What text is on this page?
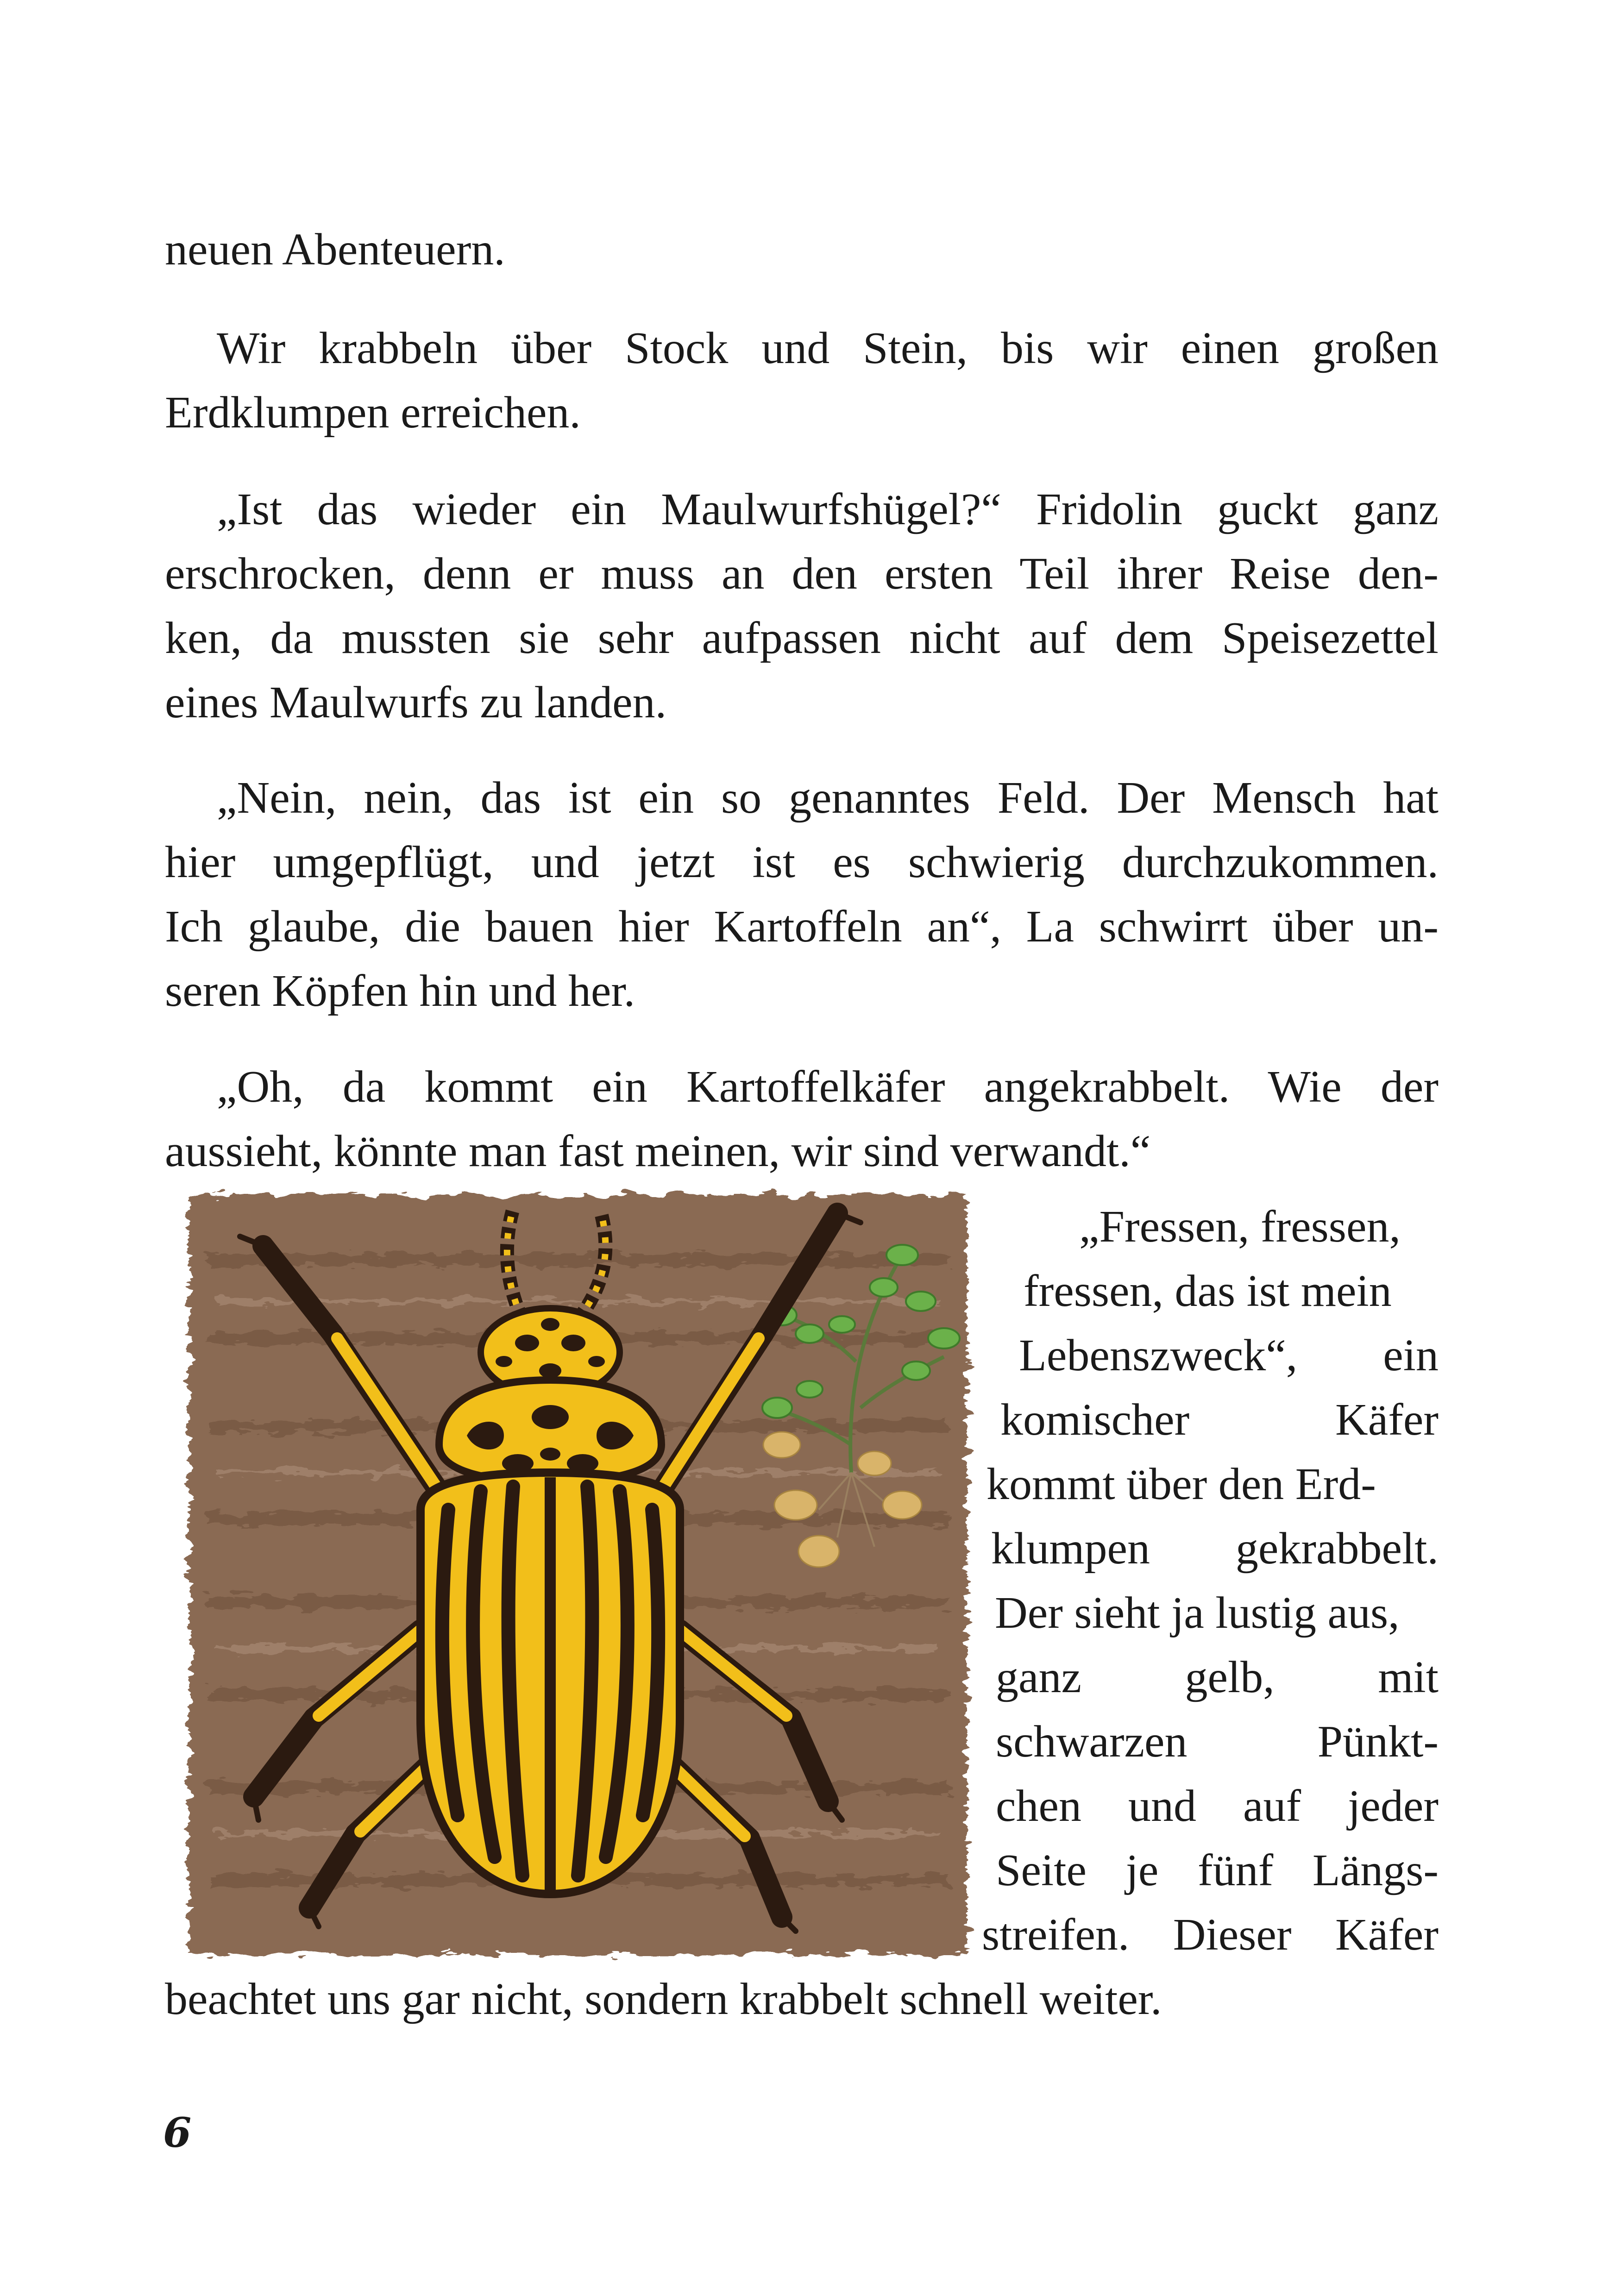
neuen Abenteuern.
Wir krabbeln über Stock und Stein, bis wir einen großen
Erdklumpen erreichen.
„Ist das wieder ein Maulwurfshügel?“ Fridolin guckt ganz
erschrocken, denn er muss an den ersten Teil ihrer Reise den-
ken, da mussten sie sehr aufpassen nicht auf dem Speisezettel
eines Maulwurfs zu landen.
„Nein, nein, das ist ein so genanntes Feld. Der Mensch hat
hier umgepflügt, und jetzt ist es schwierig durchzukommen.
Ich glaube, die bauen hier Kartoffeln an“, La schwirrt über un-
seren Köpfen hin und her.
„Oh, da kommt ein Kartoffelkäfer angekrabbelt. Wie der
aussieht, könnte man fast meinen, wir sind verwandt.“
„Fressen, fressen,
fressen, das ist mein
Lebenszweck“, ein
komischer Käfer
kommt über den Erd-
klumpen gekrabbelt.
Der sieht ja lustig aus,
ganz gelb, mit
schwarzen Pünkt-
chen und auf jeder
Seite je fünf Längs-
streifen. Dieser Käfer
beachtet uns gar nicht, sondern krabbelt schnell weiter.
6
